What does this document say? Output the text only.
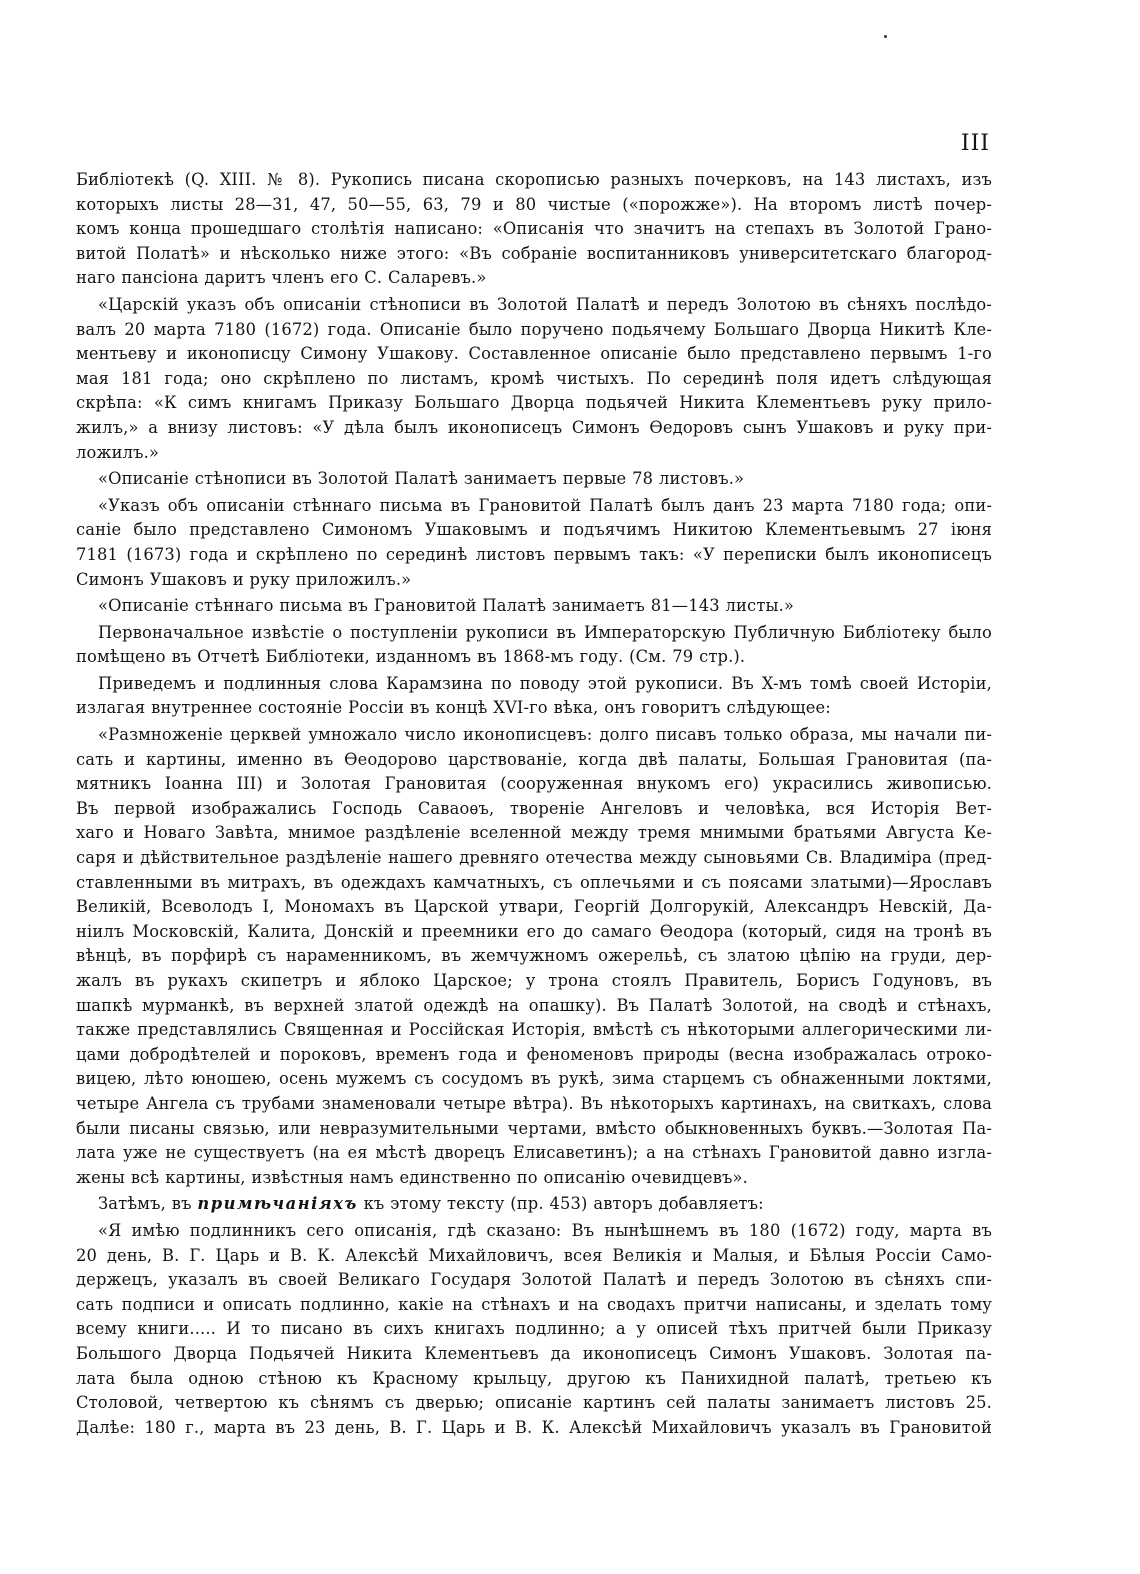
III
Библіотекѣ (Q. XIII. № 8). Рукопись писана скорописью разныхъ почерковъ, на 143 листахъ, изъ
которыхъ листы 28—31, 47, 50—55, 63, 79 и 80 чистые («порожже»). На второмъ листѣ почер-
комъ конца прошедшаго столѣтія написано: «Описанія что значитъ на степахъ въ Золотой Грано-
витой Полатѣ» и нѣсколько ниже этого: «Въ собраніе воспитанниковъ университетскаго благород-
наго пансіона даритъ членъ его С. Саларевъ.»
«Царскій указъ объ описаніи стѣнописи въ Золотой Палатѣ и передъ Золотою въ сѣняхъ послѣдо-
валъ 20 марта 7180 (1672) года. Описаніе было поручено подьячему Большаго Дворца Никитѣ Кле-
ментьеву и иконописцу Симону Ушакову. Составленное описаніе было представлено первымъ 1-го
мая 181 года; оно скрѣплено по листамъ, кромѣ чистыхъ. По серединѣ поля идетъ слѣдующая
скрѣпа: «К симъ книгамъ Приказу Большаго Дворца подьячей Никита Клементьевъ руку прило-
жилъ,» а внизу листовъ: «У дѣла былъ иконописецъ Симонъ Өедоровъ сынъ Ушаковъ и руку при-
ложилъ.»
«Описаніе стѣнописи въ Золотой Палатѣ занимаетъ первые 78 листовъ.»
«Указъ объ описаніи стѣннаго письма въ Грановитой Палатѣ былъ данъ 23 марта 7180 года; опи-
саніе было представлено Симономъ Ушаковымъ и подъячимъ Никитою Клементьевымъ 27 іюня
7181 (1673) года и скрѣплено по серединѣ листовъ первымъ такъ: «У переписки былъ иконописецъ
Симонъ Ушаковъ и руку приложилъ.»
«Описаніе стѣннаго письма въ Грановитой Палатѣ занимаетъ 81—143 листы.»
Первоначальное извѣстіе о поступленіи рукописи въ Императорскую Публичную Библіотеку было
помѣщено въ Отчетѣ Библіотеки, изданномъ въ 1868-мъ году. (См. 79 стр.).
Приведемъ и подлинныя слова Карамзина по поводу этой рукописи. Въ X-мъ томѣ своей Исторіи,
излагая внутреннее состояніе Россіи въ концѣ XVI-го вѣка, онъ говоритъ слѣдующее:
«Размноженіе церквей умножало число иконописцевъ: долго писавъ только образа, мы начали пи-
сать и картины, именно въ Өеодорово царствованіе, когда двѣ палаты, Большая Грановитая (па-
мятникъ Іоанна III) и Золотая Грановитая (сооруженная внукомъ его) украсились живописью.
Въ первой изображались Господь Саваоѳъ, твореніе Ангеловъ и человѣка, вся Исторія Вет-
хаго и Новаго Завѣта, мнимое раздѣленіе вселенной между тремя мнимыми братьями Августа Ке-
саря и дѣйствительное раздѣленіе нашего древняго отечества между сыновьями Св. Владиміра (пред-
ставленными въ митрахъ, въ одеждахъ камчатныхъ, съ оплечьями и съ поясами златыми)—Ярославъ
Великій, Всеволодъ I, Мономахъ въ Царской утвари, Георгій Долгорукій, Александръ Невскій, Да-
ніилъ Московскій, Калита, Донскій и преемники его до самаго Өеодора (который, сидя на тронѣ въ
вѣнцѣ, въ порфирѣ съ нараменникомъ, въ жемчужномъ ожерельѣ, съ златою цѣпію на груди, дер-
жалъ въ рукахъ скипетръ и яблоко Царское; у трона стоялъ Правитель, Борисъ Годуновъ, въ
шапкѣ мурманкѣ, въ верхней златой одеждѣ на опашку). Въ Палатѣ Золотой, на сводѣ и стѣнахъ,
также представлялись Священная и Россійская Исторія, вмѣстѣ съ нѣкоторыми аллегорическими ли-
цами добродѣтелей и пороковъ, временъ года и феноменовъ природы (весна изображалась отроко-
вицею, лѣто юношею, осень мужемъ съ сосудомъ въ рукѣ, зима старцемъ съ обнаженными локтями,
четыре Ангела съ трубами знаменовали четыре вѣтра). Въ нѣкоторыхъ картинахъ, на свиткахъ, слова
были писаны связью, или невразумительными чертами, вмѣсто обыкновенныхъ буквъ.—Золотая Па-
лата уже не существуетъ (на ея мѣстѣ дворецъ Елисаветинъ); а на стѣнахъ Грановитой давно изгла-
жены всѣ картины, извѣстныя намъ единственно по описанію очевидцевъ».
Затѣмъ, въ примѣчаніяхъ къ этому тексту (пр. 453) авторъ добавляетъ:
«Я имѣю подлинникъ сего описанія, гдѣ сказано: Въ нынѣшнемъ въ 180 (1672) году, марта въ
20 день, В. Г. Царь и В. К. Алексѣй Михайловичъ, всея Великія и Малыя, и Бѣлыя Россіи Само-
держецъ, указалъ въ своей Великаго Государя Золотой Палатѣ и передъ Золотою въ сѣняхъ спи-
сать подписи и описать подлинно, какіе на стѣнахъ и на сводахъ притчи написаны, и зделать тому
всему книги..... И то писано въ сихъ книгахъ подлинно; а у описей тѣхъ притчей были Приказу
Большого Дворца Подьячей Никита Клементьевъ да иконописецъ Симонъ Ушаковъ. Золотая па-
лата была одною стѣною къ Красному крыльцу, другою къ Панихидной палатѣ, третьею къ
Столовой, четвертою къ сѣнямъ съ дверью; описаніе картинъ сей палаты занимаетъ листовъ 25.
Далѣе: 180 г., марта въ 23 день, В. Г. Царь и В. К. Алексѣй Михайловичъ указалъ въ Грановитой
